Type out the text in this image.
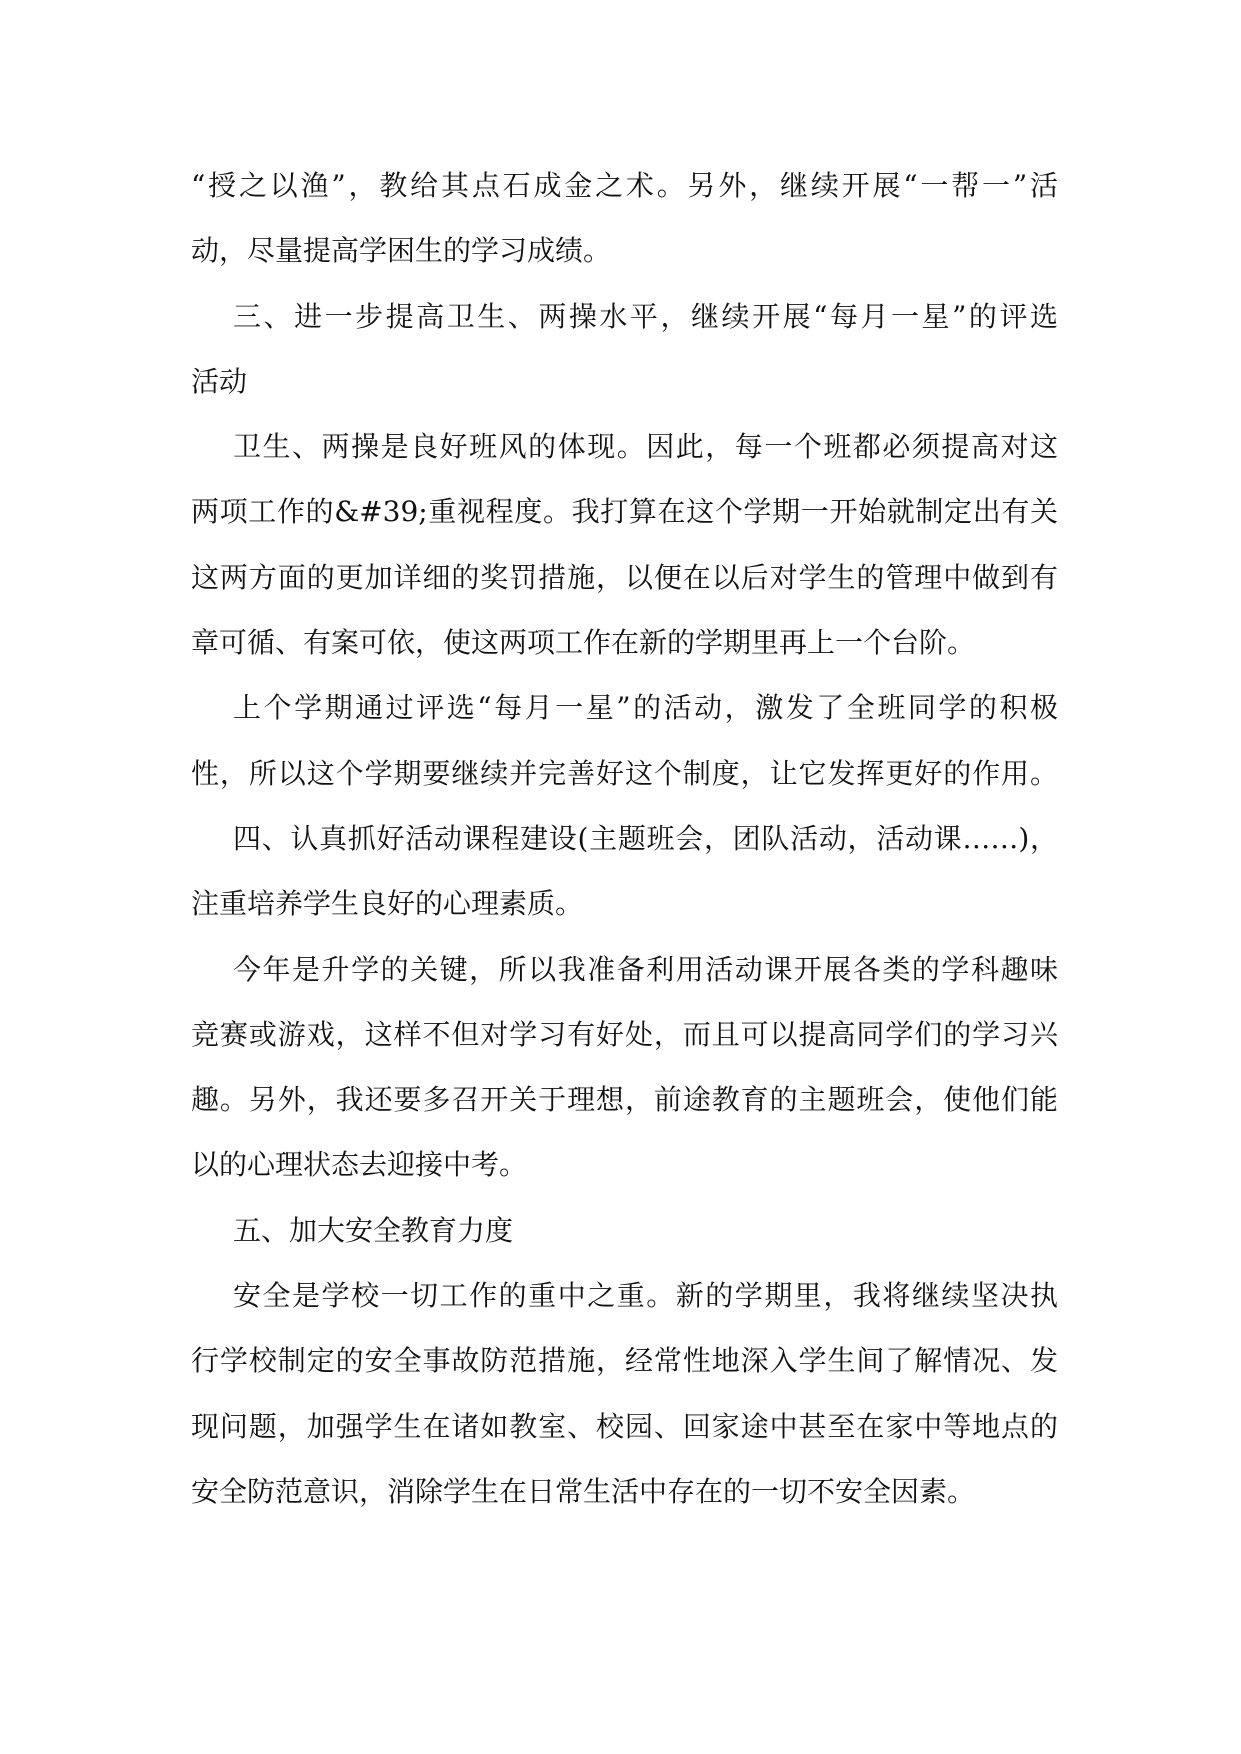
“授之以渔”，教给其点石成金之术。另外，继续开展“一帮一”活
动，尽量提高学困生的学习成绩。
三、进一步提高卫生、两操水平，继续开展“每月一星”的评选
活动
卫生、两操是良好班风的体现。因此，每一个班都必须提高对这
两项工作的&#39;重视程度。我打算在这个学期一开始就制定出有关
这两方面的更加详细的奖罚措施，以便在以后对学生的管理中做到有
章可循、有案可依，使这两项工作在新的学期里再上一个台阶。
上个学期通过评选“每月一星”的活动，激发了全班同学的积极
性，所以这个学期要继续并完善好这个制度，让它发挥更好的作用。
四、认真抓好活动课程建设(主题班会，团队活动，活动课……)，
注重培养学生良好的心理素质。
今年是升学的关键，所以我准备利用活动课开展各类的学科趣味
竞赛或游戏，这样不但对学习有好处，而且可以提高同学们的学习兴
趣。另外，我还要多召开关于理想，前途教育的主题班会，使他们能
以的心理状态去迎接中考。
五、加大安全教育力度
安全是学校一切工作的重中之重。新的学期里，我将继续坚决执
行学校制定的安全事故防范措施，经常性地深入学生间了解情况、发
现问题，加强学生在诸如教室、校园、回家途中甚至在家中等地点的
安全防范意识，消除学生在日常生活中存在的一切不安全因素。
